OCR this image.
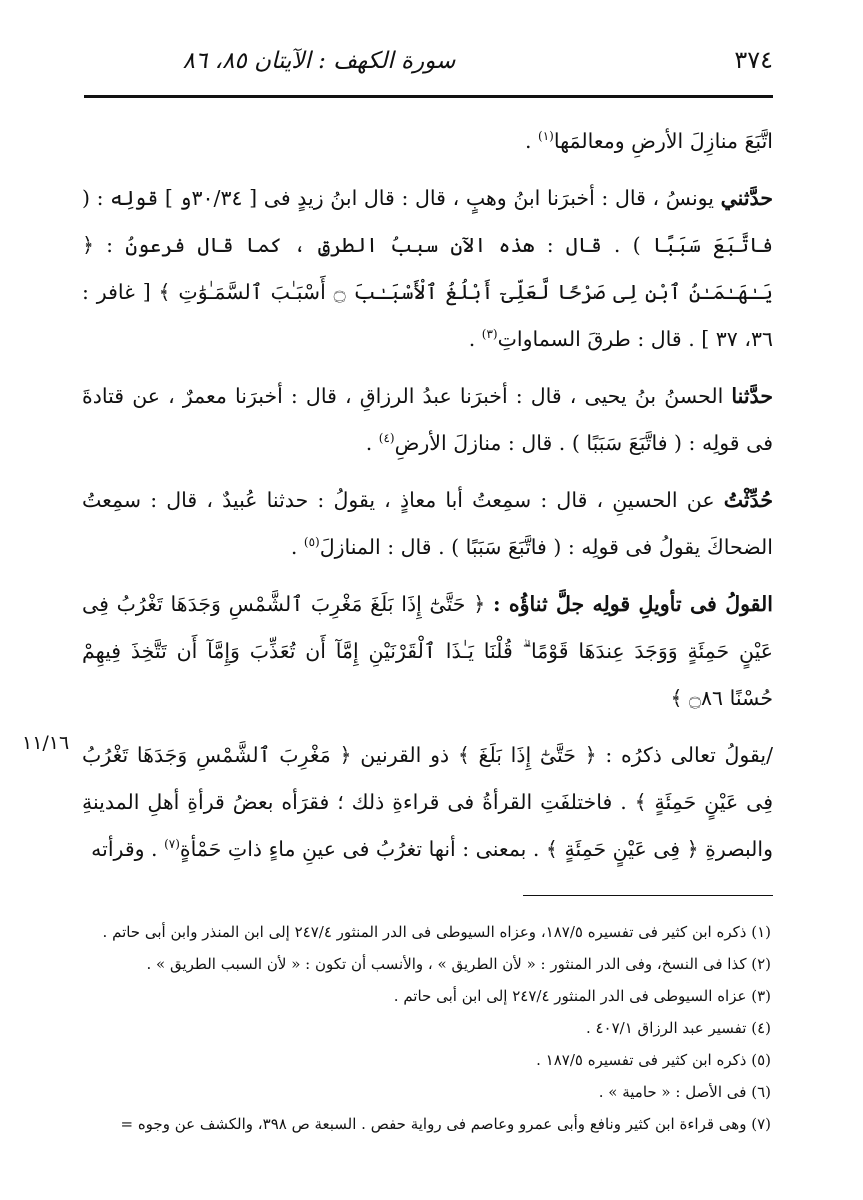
٣٧٤
سورة الكهف : الآيتان ٨٥، ٨٦
١١/١٦

اتَّبَعَ منازِلَ الأرضِ ومعالمَها$^{(١)}$ .

حدَّثني يونسُ ، قال : أخبرَنا ابنُ وهبٍ ، قال : قال ابنُ زيدٍ فى [ ٣٠/٣٤و ] قولِه : ( فاتَّبَعَ سَبَبًا ) . قال : هذه الآن سببُ الطرقِ ، كما قال فرعونُ : ﴿ يَـٰهَـٰمَـٰنُ ٱبْنِ لِى صَرْحًا لَّعَلِّىٓ أَبْلُغُ ٱلْأَسْبَـٰبَ ۝ أَسْبَـٰبَ ٱلسَّمَـٰوَٰتِ ﴾ [ غافر : ٣٦، ٣٧ ] . قال : طرقَ السماواتِ$^{(٣)}$ .

حدَّثنا الحسنُ بنُ يحيى ، قال : أخبرَنا عبدُ الرزاقِ ، قال : أخبرَنا معمرٌ ، عن قتادةَ فى قولِه : ( فاتَّبَعَ سَبَبًا ) . قال : منازلَ الأرضِ$^{(٤)}$ .

حُدِّثْتُ عن الحسينِ ، قال : سمِعتُ أبا معاذٍ ، يقولُ : حدثنا عُبيدٌ ، قال : سمِعتُ الضحاكَ يقولُ فى قولِه : ( فاتَّبَعَ سَبَبًا ) . قال : المنازلَ$^{(٥)}$ .

القولُ فى تأويلِ قولِه جلَّ ثناؤُه : ﴿ حَتَّىٰٓ إِذَا بَلَغَ مَغْرِبَ ٱلشَّمْسِ وَجَدَهَا تَغْرُبُ فِى عَيْنٍ حَمِئَةٍ وَوَجَدَ عِندَهَا قَوْمًا ۗ قُلْنَا يَـٰذَا ٱلْقَرْنَيْنِ إِمَّآ أَن تُعَذِّبَ وَإِمَّآ أَن تَتَّخِذَ فِيهِمْ حُسْنًا ۝٨٦ ﴾

/يقولُ تعالى ذكرُه : ﴿ حَتَّىٰٓ إِذَا بَلَغَ ﴾ ذو القرنين ﴿ مَغْرِبَ ٱلشَّمْسِ وَجَدَهَا تَغْرُبُ فِى عَيْنٍ حَمِئَةٍ ﴾ . فاختلفَتِ القرأةُ فى قراءةِ ذلك ؛ فقرَأه بعضُ قرأةِ أهلِ المدينةِ والبصرةِ ﴿ فِى عَيْنٍ حَمِئَةٍ ﴾ . بمعنى : أنها تغرُبُ فى عينِ ماءٍ ذاتِ حَمْأةٍ$^{(٧)}$ . وقرأته

(١) ذكره ابن كثير فى تفسيره ١٨٧/٥، وعزاه السيوطى فى الدر المنثور ٢٤٧/٤ إلى ابن المنذر وابن أبى حاتم .

(٢) كذا فى النسخ، وفى الدر المنثور : « لأن الطريق » ، والأنسب أن تكون : « لأن السبب الطريق » .

(٣) عزاه السيوطى فى الدر المنثور ٢٤٧/٤ إلى ابن أبى حاتم .

(٤) تفسير عبد الرزاق ٤٠٧/١ .

(٥) ذكره ابن كثير فى تفسيره ١٨٧/٥ .

(٦) فى الأصل : « حامية » .

(٧) وهى قراءة ابن كثير ونافع وأبى عمرو وعاصم فى رواية حفص . السبعة ص ٣٩٨، والكشف عن وجوه =
